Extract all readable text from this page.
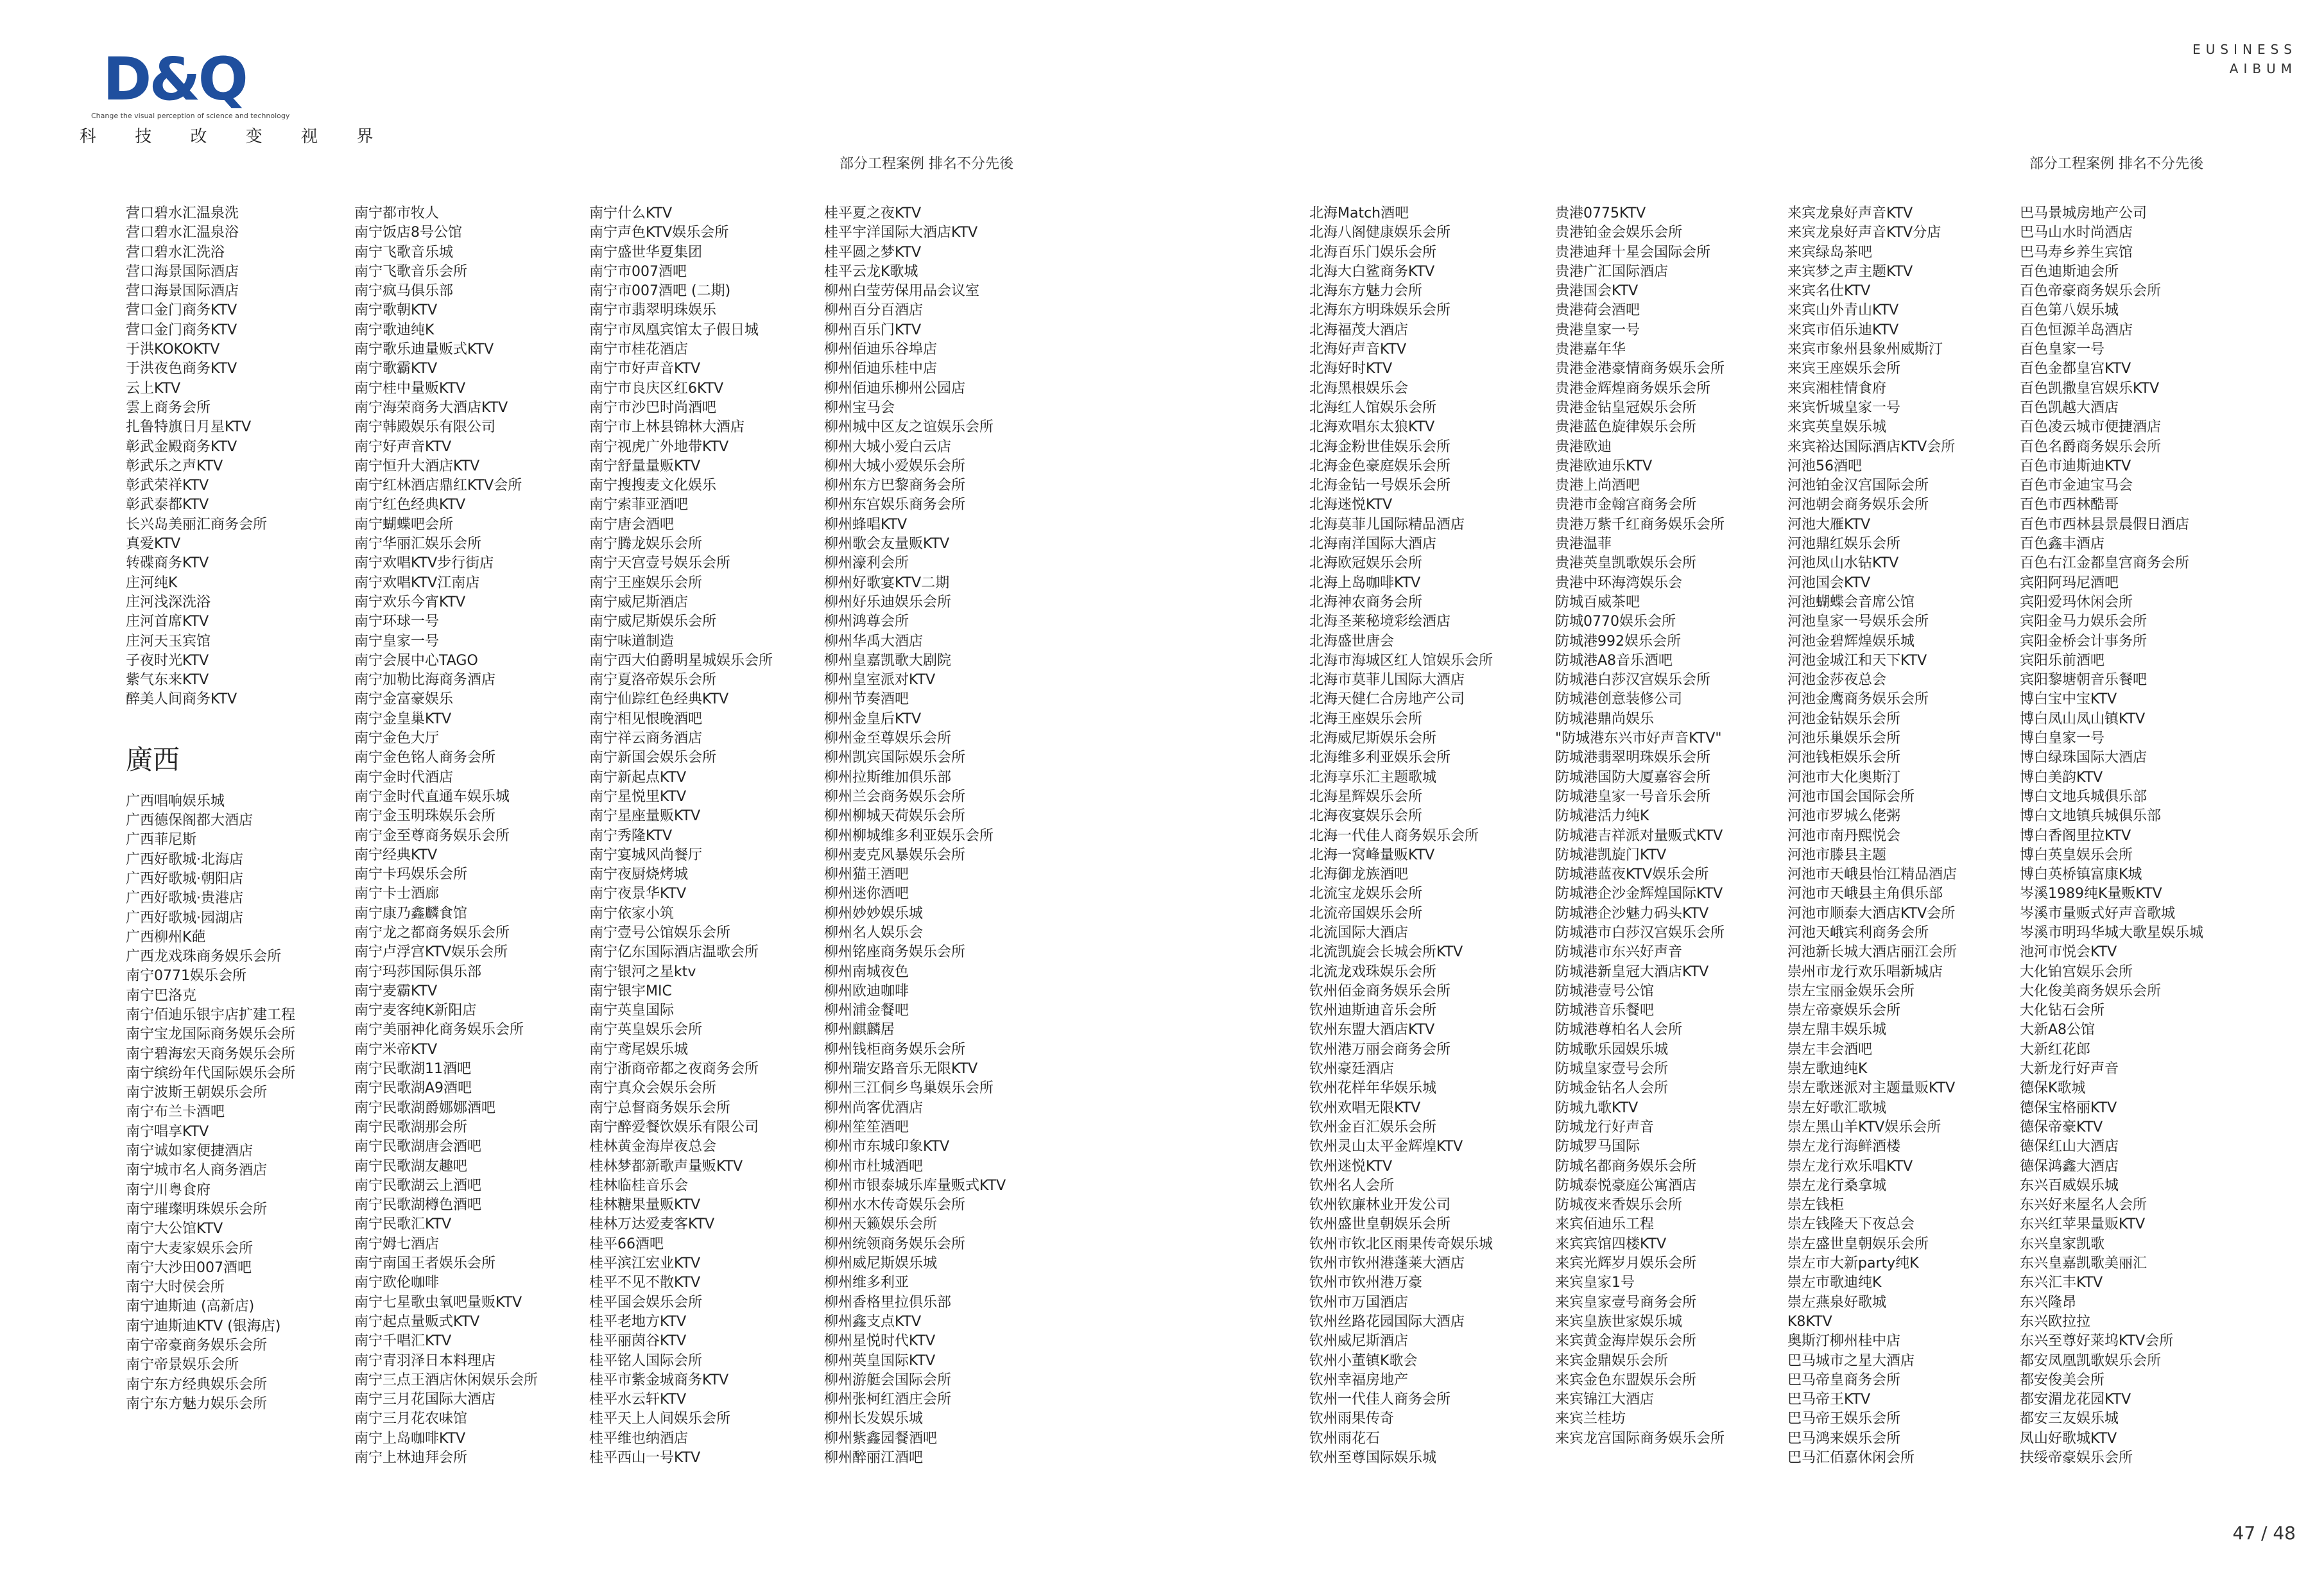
D&Q
Change the visual perception of science and technology
科 技 改 变 视 界
EUSINESS
AIBUM
部分工程案例 排名不分先後	部分工程案例 排名不分先後
营口碧水汇温泉洗
营口碧水汇温泉浴
营口碧水汇洗浴
营口海景国际酒店
营口海景国际酒店
营口金门商务KTV
营口金门商务KTV
于洪KOKOKTV
于洪夜色商务KTV
云上KTV
雲上商务会所
扎鲁特旗日月星KTV
彰武金殿商务KTV
彰武乐之声KTV
彰武荣祥KTV
彰武泰都KTV
长兴岛美丽汇商务会所
真爱KTV
转碟商务KTV
庄河纯K
庄河浅深洗浴
庄河首席KTV
庄河天玉宾馆
子夜时光KTV
紫气东来KTV
醉美人间商务KTV
廣西
广西唱响娱乐城
广西德保阁都大酒店
广西菲尼斯
广西好歌城·北海店
广西好歌城·朝阳店
广西好歌城·贵港店
广西好歌城·园湖店
广西柳州K葩
广西龙戏珠商务娱乐会所
南宁0771娱乐会所
南宁巴洛克
南宁佰迪乐银宇店扩建工程
南宁宝龙国际商务娱乐会所
南宁碧海宏天商务娱乐会所
南宁缤纷年代国际娱乐会所
南宁波斯王朝娱乐会所
南宁布兰卡酒吧
南宁唱享KTV
南宁诚如家便捷酒店
南宁城市名人商务酒店
南宁川粤食府
南宁璀璨明珠娱乐会所
南宁大公馆KTV
南宁大麦家娱乐会所
南宁大沙田007酒吧
南宁大时侯会所
南宁迪斯迪 (高新店)
南宁迪斯迪KTV (银海店)
南宁帝豪商务娱乐会所
南宁帝景娱乐会所
南宁东方经典娱乐会所
南宁东方魅力娱乐会所
南宁都市牧人
南宁饭店8号公馆
南宁飞歌音乐城
南宁飞歌音乐会所
南宁疯马俱乐部
南宁歌朝KTV
南宁歌迪纯K
南宁歌乐迪量贩式KTV
南宁歌霸KTV
南宁桂中量贩KTV
南宁海荣商务大酒店KTV
南宁韩殿娱乐有限公司
南宁好声音KTV
南宁恒升大酒店KTV
南宁红林酒店鼎红KTV会所
南宁红色经典KTV
南宁蝴蝶吧会所
南宁华丽汇娱乐会所
南宁欢唱KTV步行街店
南宁欢唱KTV江南店
南宁欢乐今宵KTV
南宁环球一号
南宁皇家一号
南宁会展中心TAGO
南宁加勒比海商务酒店
南宁金富豪娱乐
南宁金皇巢KTV
南宁金色大厅
南宁金色铭人商务会所
南宁金时代酒店
南宁金时代直通车娱乐城
南宁金玉明珠娱乐会所
南宁金至尊商务娱乐会所
南宁经典KTV
南宁卡玛娱乐会所
南宁卡士酒廊
南宁康乃鑫麟食馆
南宁龙之都商务娱乐会所
南宁卢浮宫KTV娱乐会所
南宁玛莎国际俱乐部
南宁麦霸KTV
南宁麦客纯K新阳店
南宁美丽神化商务娱乐会所
南宁米帝KTV
南宁民歌湖11酒吧
南宁民歌湖A9酒吧
南宁民歌湖爵娜娜酒吧
南宁民歌湖那会所
南宁民歌湖唐会酒吧
南宁民歌湖友趣吧
南宁民歌湖云上酒吧
南宁民歌湖樽色酒吧
南宁民歌汇KTV
南宁姆七酒店
南宁南国王者娱乐会所
南宁欧伦咖啡
南宁七星歌虫氧吧量贩KTV
南宁起点量贩式KTV
南宁千唱汇KTV
南宁青羽泽日本料理店
南宁三点王酒店休闲娱乐会所
南宁三月花国际大酒店
南宁三月花农味馆
南宁上岛咖啡KTV
南宁上林迪拜会所
南宁什么KTV
南宁声色KTV娱乐会所
南宁盛世华夏集团
南宁市007酒吧
南宁市007酒吧 (二期)
南宁市翡翠明珠娱乐
南宁市凤凰宾馆太子假日城
南宁市桂花酒店
南宁市好声音KTV
南宁市良庆区红6KTV
南宁市沙巴时尚酒吧
南宁市上林县锦林大酒店
南宁视虎广外地带KTV
南宁舒量量贩KTV
南宁搜搜麦文化娱乐
南宁索菲亚酒吧
南宁唐会酒吧
南宁腾龙娱乐会所
南宁天宫壹号娱乐会所
南宁王座娱乐会所
南宁威尼斯酒店
南宁威尼斯娱乐会所
南宁味道制造
南宁西大伯爵明星城娱乐会所
南宁夏洛帝娱乐会所
南宁仙踪红色经典KTV
南宁相见恨晚酒吧
南宁祥云商务酒店
南宁新国会娱乐会所
南宁新起点KTV
南宁星悦里KTV
南宁星座量贩KTV
南宁秀隆KTV
南宁宴城风尚餐厅
南宁夜厨烧烤城
南宁夜景华KTV
南宁依家小筑
南宁壹号公馆娱乐会所
南宁亿东国际酒店温歌会所
南宁银河之星ktv
南宁银宇MIC
南宁英皇国际
南宁英皇娱乐会所
南宁鸢尾娱乐城
南宁浙商帝都之夜商务会所
南宁真众会娱乐会所
南宁总督商务娱乐会所
南宁醉爱餐饮娱乐有限公司
桂林黄金海岸夜总会
桂林梦都新歌声量贩KTV
桂林临桂音乐会
桂林糖果量贩KTV
桂林万达爱麦客KTV
桂平66酒吧
桂平滨江宏业KTV
桂平不见不散KTV
桂平国会娱乐会所
桂平老地方KTV
桂平丽茵谷KTV
桂平铭人国际会所
桂平市紫金城商务KTV
桂平水云轩KTV
桂平天上人间娱乐会所
桂平维也纳酒店
桂平西山一号KTV
桂平夏之夜KTV
桂平宇洋国际大酒店KTV
桂平圆之梦KTV
桂平云龙K歌城
柳州白莹劳保用品会议室
柳州百分百酒店
柳州百乐门KTV
柳州佰迪乐谷埠店
柳州佰迪乐桂中店
柳州佰迪乐柳州公园店
柳州宝马会
柳州城中区友之谊娱乐会所
柳州大城小爱白云店
柳州大城小爱娱乐会所
柳州东方巴黎商务会所
柳州东宫娱乐商务会所
柳州蜂唱KTV
柳州歌会友量贩KTV
柳州濠利会所
柳州好歌宴KTV二期
柳州好乐迪娱乐会所
柳州鸿尊会所
柳州华禹大酒店
柳州皇嘉凯歌大剧院
柳州皇室派对KTV
柳州节奏酒吧
柳州金皇后KTV
柳州金至尊娱乐会所
柳州凯宾国际娱乐会所
柳州拉斯维加俱乐部
柳州兰会商务娱乐会所
柳州柳城天荷娱乐会所
柳州柳城维多利亚娱乐会所
柳州麦克风暴娱乐会所
柳州猫王酒吧
柳州迷你酒吧
柳州妙妙娱乐城
柳州名人娱乐会
柳州铭座商务娱乐会所
柳州南城夜色
柳州欧迪咖啡
柳州浦金餐吧
柳州麒麟居
柳州钱柜商务娱乐会所
柳州瑞安路音乐无限KTV
柳州三江侗乡鸟巢娱乐会所
柳州尚客优酒店
柳州笙笙酒吧
柳州市东城印象KTV
柳州市杜城酒吧
柳州市银泰城乐库量贩式KTV
柳州水木传奇娱乐会所
柳州天籁娱乐会所
柳州统领商务娱乐会所
柳州威尼斯娱乐城
柳州维多利亚
柳州香格里拉俱乐部
柳州鑫支点KTV
柳州星悦时代KTV
柳州英皇国际KTV
柳州游艇会国际会所
柳州张柯红酒庄会所
柳州长发娱乐城
柳州紫鑫园餐酒吧
柳州醉丽江酒吧
北海Match酒吧
北海八阁健康娱乐会所
北海百乐门娱乐会所
北海大白鲨商务KTV
北海东方魅力会所
北海东方明珠娱乐会所
北海福茂大酒店
北海好声音KTV
北海好时KTV
北海黑根娱乐会
北海红人馆娱乐会所
北海欢唱东太狼KTV
北海金粉世佳娱乐会所
北海金色豪庭娱乐会所
北海金钻一号娱乐会所
北海迷悦KTV
北海莫菲儿国际精品酒店
北海南洋国际大酒店
北海欧冠娱乐会所
北海上岛咖啡KTV
北海神农商务会所
北海圣莱秘境彩绘酒店
北海盛世唐会
北海市海城区红人馆娱乐会所
北海市莫菲儿国际大酒店
北海天健仁合房地产公司
北海王座娱乐会所
北海威尼斯娱乐会所
北海维多利亚娱乐会所
北海享乐汇主题歌城
北海星辉娱乐会所
北海夜宴娱乐会所
北海一代佳人商务娱乐会所
北海一窝峰量贩KTV
北海御龙族酒吧
北流宝龙娱乐会所
北流帝国娱乐会所
北流国际大酒店
北流凯旋会长城会所KTV
北流龙戏珠娱乐会所
钦州佰金商务娱乐会所
钦州迪斯迪音乐会所
钦州东盟大酒店KTV
钦州港万丽会商务会所
钦州豪廷酒店
钦州花样年华娱乐城
钦州欢唱无限KTV
钦州金百汇娱乐会所
钦州灵山太平金辉煌KTV
钦州迷悦KTV
钦州名人会所
钦州钦廉林业开发公司
钦州盛世皇朝娱乐会所
钦州市钦北区雨果传奇娱乐城
钦州市钦州港蓬莱大酒店
钦州市钦州港万豪
钦州市万国酒店
钦州丝路花园国际大酒店
钦州威尼斯酒店
钦州小董镇K歌会
钦州幸福房地产
钦州一代佳人商务会所
钦州雨果传奇
钦州雨花石
钦州至尊国际娱乐城
贵港0775KTV
贵港铂金会娱乐会所
贵港迪拜十星会国际会所
贵港广汇国际酒店
贵港国会KTV
贵港荷会酒吧
贵港皇家一号
贵港嘉年华
贵港金港豪情商务娱乐会所
贵港金辉煌商务娱乐会所
贵港金钻皇冠娱乐会所
贵港蓝色旋律娱乐会所
贵港欧迪
贵港欧迪乐KTV
贵港上尚酒吧
贵港市金翰宫商务会所
贵港万紫千红商务娱乐会所
贵港温菲
贵港英皇凯歌娱乐会所
贵港中环海湾娱乐会
防城百威茶吧
防城0770娱乐会所
防城港992娱乐会所
防城港A8音乐酒吧
防城港白莎汉宫娱乐会所
防城港创意装修公司
防城港鼎尚娱乐
"防城港东兴市好声音KTV"
防城港翡翠明珠娱乐会所
防城港国防大厦嘉容会所
防城港皇家一号音乐会所
防城港活力纯K
防城港吉祥派对量贩式KTV
防城港凯旋门KTV
防城港蓝夜KTV娱乐会所
防城港企沙金辉煌国际KTV
防城港企沙魅力码头KTV
防城港市白莎汉宫娱乐会所
防城港市东兴好声音
防城港新皇冠大酒店KTV
防城港壹号公馆
防城港音乐餐吧
防城港尊柏名人会所
防城歌乐园娱乐城
防城皇家壹号会所
防城金钻名人会所
防城九歌KTV
防城龙行好声音
防城罗马国际
防城名都商务娱乐会所
防城泰悦豪庭公寓酒店
防城夜来香娱乐会所
来宾佰迪乐工程
来宾宾馆四楼KTV
来宾光辉岁月娱乐会所
来宾皇家1号
来宾皇家壹号商务会所
来宾皇族世家娱乐城
来宾黄金海岸娱乐会所
来宾金鼎娱乐会所
来宾金色东盟娱乐会所
来宾锦江大酒店
来宾兰桂坊
来宾龙宫国际商务娱乐会所
来宾龙泉好声音KTV
来宾龙泉好声音KTV分店
来宾绿岛茶吧
来宾梦之声主题KTV
来宾名仕KTV
来宾山外青山KTV
来宾市佰乐迪KTV
来宾市象州县象州威斯汀
来宾王座娱乐会所
来宾湘桂情食府
来宾忻城皇家一号
来宾英皇娱乐城
来宾裕达国际酒店KTV会所
河池56酒吧
河池铂金汉宫国际会所
河池朝会商务娱乐会所
河池大雁KTV
河池鼎红娱乐会所
河池凤山水钻KTV
河池国会KTV
河池蝴蝶会音席公馆
河池皇家一号娱乐会所
河池金碧辉煌娱乐城
河池金城江和天下KTV
河池金莎夜总会
河池金鹰商务娱乐会所
河池金钻娱乐会所
河池乐巢娱乐会所
河池钱柜娱乐会所
河池市大化奥斯汀
河池市国会国际会所
河池市罗城么佬粥
河池市南丹熙悦会
河池市滕县主题
河池市天峨县怡江精品酒店
河池市天峨县主角俱乐部
河池市顺泰大酒店KTV会所
河池天峨宾利商务会所
河池新长城大酒店丽江会所
崇州市龙行欢乐唱新城店
崇左宝丽金娱乐会所
崇左帝豪娱乐会所
崇左鼎丰娱乐城
崇左丰会酒吧
崇左歌迪纯K
崇左歌迷派对主题量贩KTV
崇左好歌汇歌城
崇左黑山羊KTV娱乐会所
崇左龙行海鲜酒楼
崇左龙行欢乐唱KTV
崇左龙行桑拿城
崇左钱柜
崇左钱隆天下夜总会
崇左盛世皇朝娱乐会所
崇左市大新party纯K
崇左市歌迪纯K
崇左燕泉好歌城
K8KTV
奥斯汀柳州桂中店
巴马城市之星大酒店
巴马帝皇商务会所
巴马帝王KTV
巴马帝王娱乐会所
巴马鸿来娱乐会所
巴马汇佰嘉休闲会所
巴马景城房地产公司
巴马山水时尚酒店
巴马寿乡养生宾馆
百色迪斯迪会所
百色帝豪商务娱乐会所
百色第八娱乐城
百色恒源羊岛酒店
百色皇家一号
百色金都皇宫KTV
百色凯撒皇宫娱乐KTV
百色凯越大酒店
百色凌云城市便捷酒店
百色名爵商务娱乐会所
百色市迪斯迪KTV
百色市金迪宝马会
百色市西林酷哥
百色市西林县景晨假日酒店
百色鑫丰酒店
百色右江金都皇宫商务会所
宾阳阿玛尼酒吧
宾阳爱玛休闲会所
宾阳金马力娱乐会所
宾阳金桥会计事务所
宾阳乐前酒吧
宾阳黎塘朝音乐餐吧
博白宝中宝KTV
博白凤山凤山镇KTV
博白皇家一号
博白绿珠国际大酒店
博白美韵KTV
博白文地兵城俱乐部
博白文地镇兵城俱乐部
博白香阁里拉KTV
博白英皇娱乐会所
博白英桥镇富康K城
岑溪1989纯K量贩KTV
岑溪市量贩式好声音歌城
岑溪市明玛华城大歌星娱乐城
池河市悦会KTV
大化铂宫娱乐会所
大化俊美商务娱乐会所
大化钻石会所
大新A8公馆
大新红花郎
大新龙行好声音
德保K歌城
德保宝格丽KTV
德保帝豪KTV
德保红山大酒店
德保鸿鑫大酒店
东兴百威娱乐城
东兴好来屋名人会所
东兴红苹果量贩KTV
东兴皇家凯歌
东兴皇嘉凯歌美丽汇
东兴汇丰KTV
东兴隆昂
东兴欧拉拉
东兴至尊好莱坞KTV会所
都安凤凰凯歌娱乐会所
都安俊美会所
都安湄龙花园KTV
都安三友娱乐城
凤山好歌城KTV
扶绥帝豪娱乐会所
47 / 48
